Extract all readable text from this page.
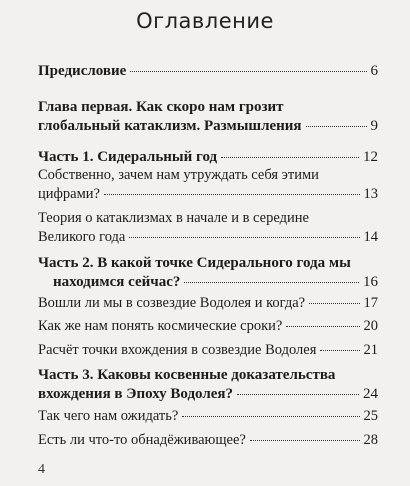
Оглавление
Предисловие	6
Глава первая. Как скоро нам грозит
глобальный катаклизм. Размышления	9
Часть 1. Сидеральный год	12
Собственно, зачем нам утруждать себя этими
цифрами?	13
Теория о катаклизмах в начале и в середине
Великого года	14
Часть 2. В какой точке Сидерального года мы
находимся сейчас?	16
Вошли ли мы в созвездие Водолея и когда?	17
Как же нам понять космические сроки?	20
Расчёт точки вхождения в созвездие Водолея	21
Часть 3. Каковы косвенные доказательства
вхождения в Эпоху Водолея?	24
Так чего нам ожидать?	25
Есть ли что-то обнадёживающее?	28
4
